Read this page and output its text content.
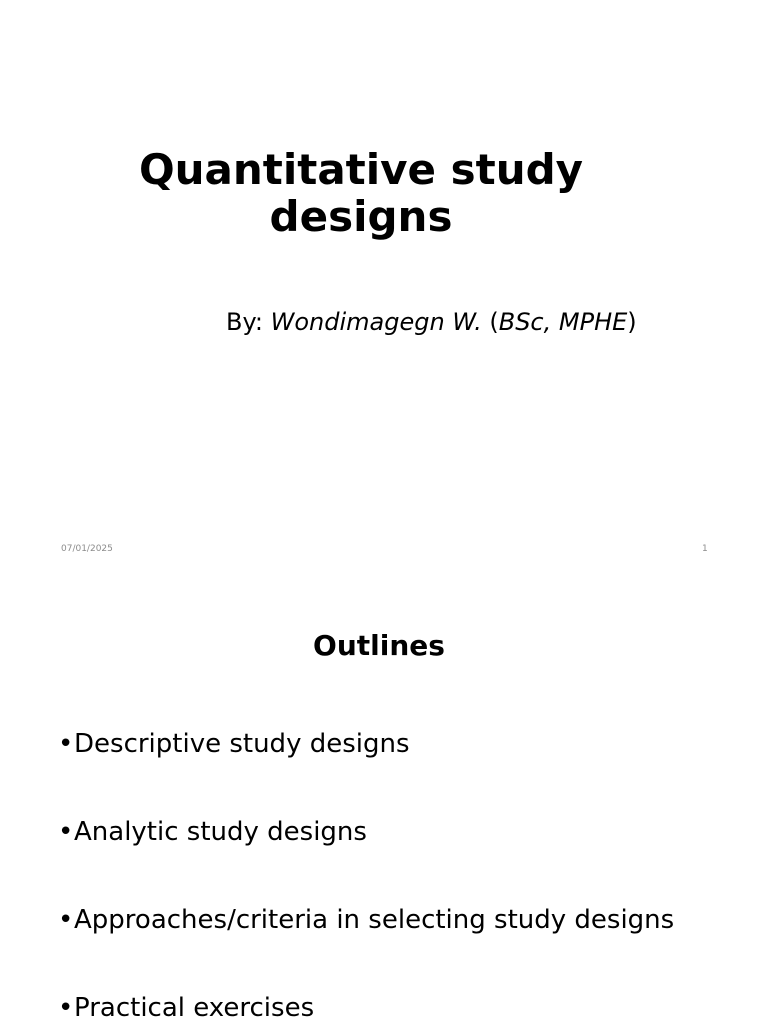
Quantitative study
designs
By: Wondimagegn W. (BSc, MPHE)
07/01/2025	1
Outlines
•Descriptive study designs
•Analytic study designs
•Approaches/criteria in selecting study designs
•Practical exercises
